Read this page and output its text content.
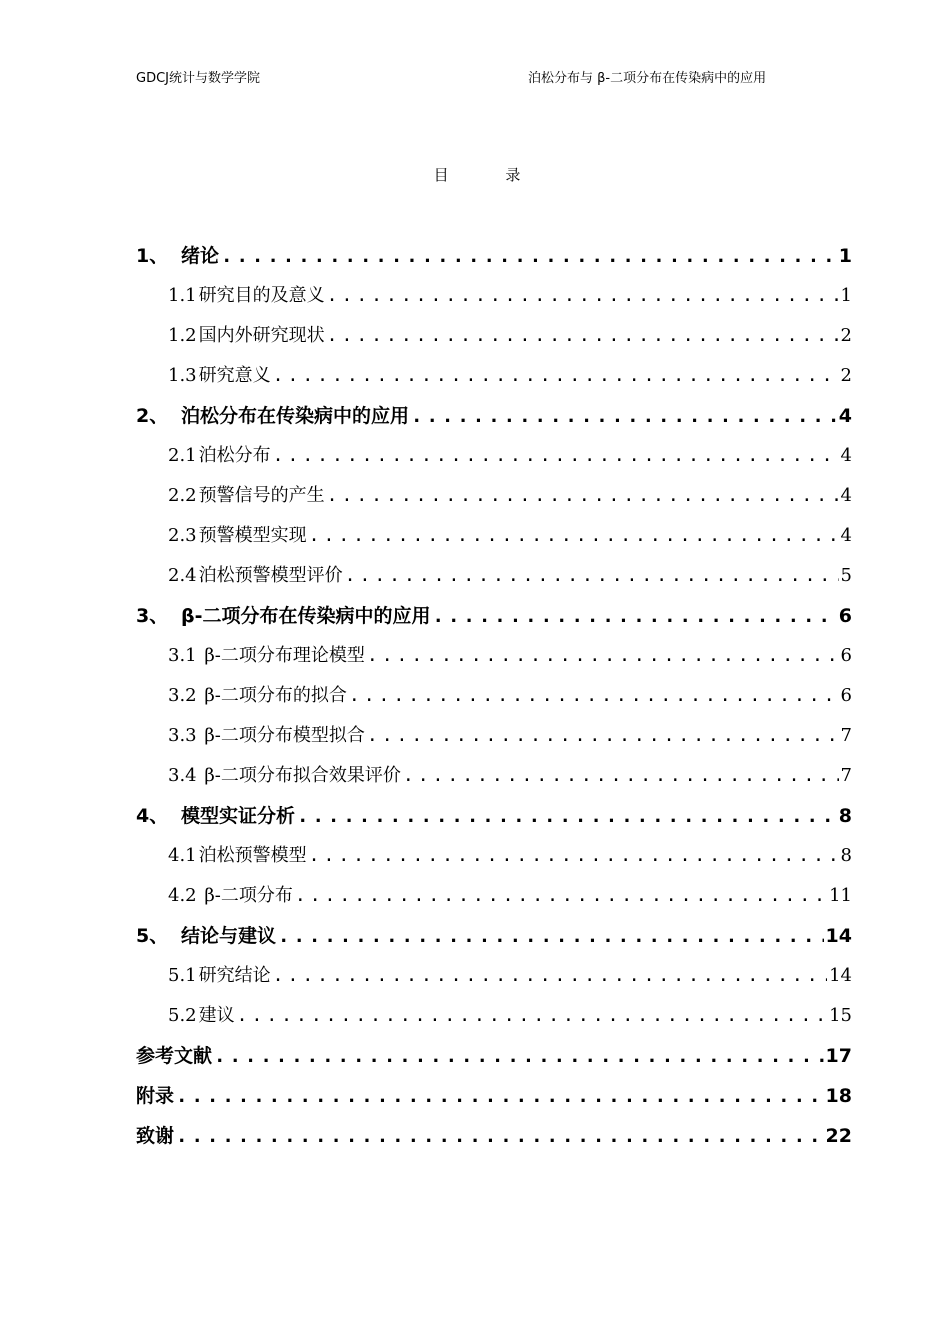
GDCJ统计与数学学院	泊松分布与 β-二项分布在传染病中的应用
目 录
1、 绪论 .....	1
1.1 研究目的及意义 .....	1
1.2 国内外研究现状 .....	2
1.3 研究意义 .....	2
2、 泊松分布在传染病中的应用 .....	4
2.1 泊松分布 .....	4
2.2 预警信号的产生 .....	4
2.3 预警模型实现 .....	4
2.4 泊松预警模型评价 .....	5
3、 β-二项分布在传染病中的应用 .....	6
3.1 β-二项分布理论模型 .....	6
3.2 β-二项分布的拟合 .....	6
3.3 β-二项分布模型拟合 .....	7
3.4 β-二项分布拟合效果评价 .....	7
4、 模型实证分析 .....	8
4.1 泊松预警模型 .....	8
4.2 β-二项分布 .....	11
5、 结论与建议 .....	14
5.1 研究结论 .....	14
5.2 建议 .....	15
参考文献 .....	17
附录 .....	18
致谢 .....	22
